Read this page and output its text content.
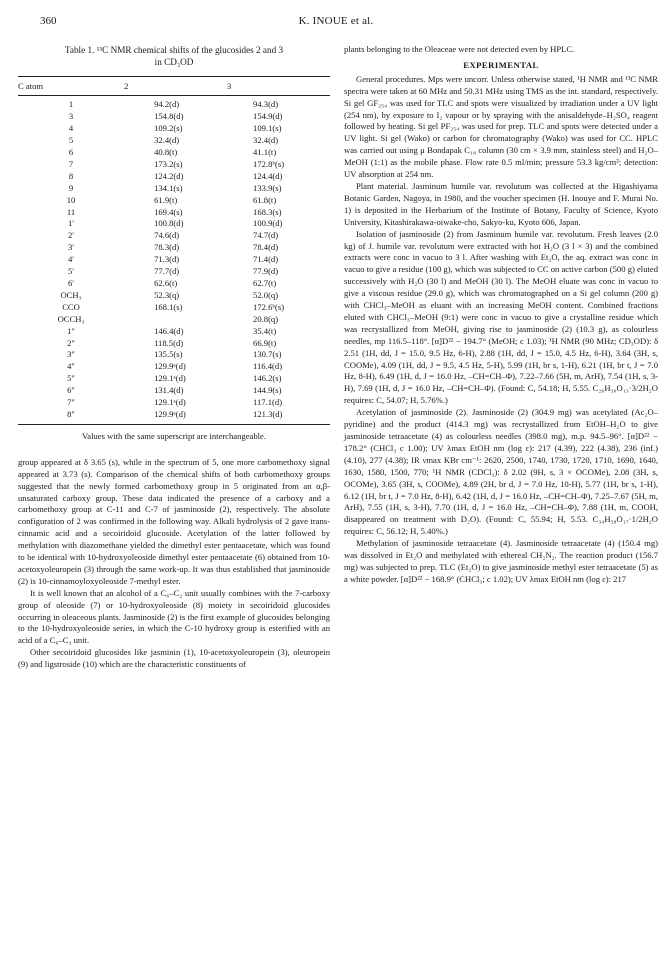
360	K. INOUE et al.
Table 1. ¹³C NMR chemical shifts of the glucosides 2 and 3
in CD₃OD
C atom	2	3
1	94.2(d)	94.3(d)
3	154.8(d)	154.9(d)
4	109.2(s)	109.1(s)
5	32.4(d)	32.4(d)
6	40.8(t)	41.1(t)
7	173.2(s)	172.8ᵇ(s)
8	124.2(d)	124.4(d)
9	134.1(s)	133.9(s)
10	61.9(t)	61.8(t)
11	169.4(s)	168.3(s)
1′	100.8(d)	100.9(d)
2′	74.6(d)	74.7(d)
3′	78.3(d)	78.4(d)
4′	71.3(d)	71.4(d)
5′	77.7(d)	77.9(d)
6′	62.6(t)	62.7(t)
OCH₃	52.3(q)	52.0(q)
CCO	168.1(s)	172.6ᵇ(s)
OCCH₃		20.8(q)
1″	146.4(d)	35.4(t)
2″	118.5(d)	66.9(t)
3″	135.5(s)	130.7(s)
4″	129.9ᵃ(d)	116.4(d)
5″	129.1ᵃ(d)	146.2(s)
6″	131.4(d)	144.9(s)
7″	129.1ᵃ(d)	117.1(d)
8″	129.9ᵃ(d)	121.3(d)
Values with the same superscript are interchangeable.

group appeared at δ 3.65 (s), while in the spectrum of 5, one more carbomethoxy signal appeared at 3.73 (s). Comparison of the chemical shifts of both carbomethoxy groups suggested that the newly formed carbomethoxy group in 5 originated from an α,β-unsaturated carboxy group. These data indicated the presence of a carboxy and a carbomethoxy group at C-11 and C-7 of jasminoside (2), respectively. The absolute configuration of 2 was confirmed in the following way. Alkali hydrolysis of 2 gave trans-cinnamic acid and a secoiridoid glucoside. Acetylation of the latter followed by methylation with diazomethane yielded the dimethyl ester pentaacetate, which was found to be identical with 10-hydroxyoleoside dimethyl ester pentaacetate (6) obtained from 10-acetoxyoleuropein (3) through the same work-up. It was thus established that jasminoside (2) is 10-cinnamoyloxyoleoside 7-methyl ester.

It is well known that an alcohol of a C₆–C₂ unit usually combines with the 7-carboxy group of oleoside (7) or 10-hydroxyoleoside (8) moiety in secoiridoid glucosides occurring in oleaceous plants. Jasminoside (2) is the first example of glucosides belonging to the 10-hydroxyoleoside series, in which the C-10 hydroxy group is esterified with an acid of a C₆–C₃ unit.

Other secoiridoid glucosides like jasminin (1), 10-acetoxyoleuropein (3), oleuropein (9) and ligstroside (10) which are the characteristic constituents of

plants belonging to the Oleaceae were not detected even by HPLC.

EXPERIMENTAL

General procedures. Mps were uncorr. Unless otherwise stated, ¹H NMR and ¹³C NMR spectra were taken at 60 MHz and 50.31 MHz using TMS as the int. standard, respectively. Si gel GF₂₅₄ was used for TLC and spots were visualized by irradiation under a UV light (254 nm), by exposure to I₂ vapour or by spraying with the anisaldehyde–H₂SO₄ reagent followed by heating. Si gel PF₂₅₄ was used for prep. TLC and spots were detected under a UV light. Si gel (Wako) or carbon for chromatography (Wako) was used for CC. HPLC was carried out using μ Bondapak C₁₈ column (30 cm × 3.9 mm, stainless steel) and H₂O–MeOH (1:1) as the mobile phase. Flow rate 0.5 ml/min; pressure 53.3 kg/cm²; detection: UV absorption at 254 nm.

Plant material. Jasminum humile var. revolutum was collected at the Higashiyama Botanic Garden, Nagoya, in 1980, and the voucher specimen (H. Inouye and F. Murai No. 1) is deposited in the Herbarium of the Institute of Botany, Faculty of Science, Kyoto University, Kitashirakawa-oiwake-cho, Sakyo-ku, Kyoto 606, Japan.

Isolation of jasminoside (2) from Jasminum humile var. revolutum. Fresh leaves (2.0 kg) of J. humile var. revolutum were extracted with hot H₂O (3 l × 3) and the combined extracts were conc in vacuo to 3 l. After washing with Et₂O, the aq. extract was conc in vacuo to give a residue (100 g), which was subjected to CC on active carbon (500 g) eluted successively with H₂O (30 l) and MeOH (30 l). The MeOH eluate was conc in vacuo to give a viscous residue (29.0 g), which was chromatographed on a Si gel column (200 g) with CHCl₃–MeOH as eluant with an increasing MeOH content. Combined fractions eluted with CHCl₃–MeOH (9:1) were conc in vacuo to give a crystalline residue which was recrystallized from MeOH, giving rise to jasminoside (2) (10.3 g), as colourless needles, mp 116.5–118°. [α]D²² − 194.7° (MeOH; c 1.03); ¹H NMR (90 MHz; CD₃OD): δ 2.51 (1H, dd, J = 15.0, 9.5 Hz, 6-H), 2.88 (1H, dd, J = 15.0, 4.5 Hz, 6-H), 3.64 (3H, s, COOMe), 4.09 (1H, dd, J = 9.5, 4.5 Hz, 5-H), 5.99 (1H, br s, 1-H), 6.21 (1H, br t, J = 7.0 Hz, 8-H), 6.49 (1H, d, J = 16.0 Hz, –CH=CH–Φ), 7.22–7.66 (5H, m, ArH), 7.54 (1H, s, 3-H), 7.69 (1H, d, J = 16.0 Hz, –CH=CH–Φ). (Found: C, 54.18; H, 5.55. C₂₆H₃₀O₁₃·3/2H₂O requires: C, 54.07; H, 5.76%.)

Acetylation of jasminoside (2). Jasminoside (2) (304.9 mg) was acetylated (Ac₂O–pyridine) and the product (414.3 mg) was recrystallized from EtOH–H₂O to give jasminoside tetraacetate (4) as colourless needles (398.0 mg), m.p. 94.5–96°. [α]D²² − 178.2° (CHCl₃ c 1.00); UV λmax EtOH nm (log ε): 217 (4.39), 222 (4.38), 236 (inf.) (4.10), 277 (4.38); IR νmax KBr cm⁻¹: 2620, 2500, 1740, 1730, 1720, 1710, 1690, 1640, 1630, 1580, 1500, 770; ¹H NMR (CDCl₃): δ 2.02 (9H, s, 3 × OCOMe), 2.08 (3H, s, OCOMe), 3.65 (3H, s, COOMe), 4.89 (2H, br d, J = 7.0 Hz, 10-H), 5.77 (1H, br s, 1-H), 6.12 (1H, br t, J = 7.0 Hz, 8-H), 6.42 (1H, d, J = 16.0 Hz, –CH=CH–Φ), 7.25–7.67 (5H, m, ArH), 7.55 (1H, s, 3-H), 7.70 (1H, d, J = 16.0 Hz, –CH=CH–Φ), 7.88 (1H, m, COOH, disappeared on treatment with D₂O). (Found: C, 55.94; H, 5.53. C₃₄H₃₈O₁₇·1/2H₂O requires: C, 56.12; H, 5.40%.)

Methylation of jasminoside tetraacetate (4). Jasminoside tetraacetate (4) (150.4 mg) was dissolved in Et₂O and methylated with ethereal CH₂N₂. The reaction product (156.7 mg) was subjected to prep. TLC (Et₂O) to give jasminoside methyl ester tetraacetate (5) as a white powder. [α]D²² − 168.9° (CHCl₃; c 1.02); UV λmax EtOH nm (log ε): 217
